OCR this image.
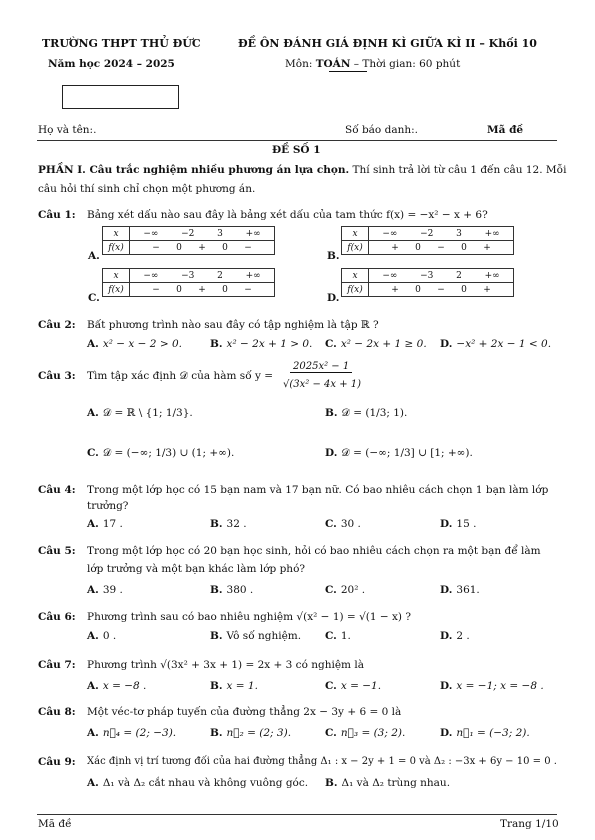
TRƯỜNG THPT THỦ ĐỨC
Năm học 2024 – 2025
ĐỀ ÔN ĐÁNH GIÁ ĐỊNH KÌ GIỮA KÌ II – Khối 10
Môn: TOÁN – Thời gian: 60 phút
Họ và tên:.	Số báo danh:.	Mã đề
ĐỀ SỐ 1
PHẦN I. Câu trắc nghiệm nhiều phương án lựa chọn. Thí sinh trả lời từ câu 1 đến câu 12. Mỗi
câu hỏi thí sinh chỉ chọn một phương án.
Câu 1: Bảng xét dấu nào sau đây là bảng xét dấu của tam thức f(x) = −x² − x + 6?
A.
x	−∞ −2 3 +∞

f(x)	− 0 + 0 −
B.
x	−∞ −2 3 +∞

f(x)	+ 0 − 0 +
C.
x	−∞ −3 2 +∞

f(x)	− 0 + 0 −
D.
x	−∞ −3 2 +∞

f(x)	+ 0 − 0 +
Câu 2: Bất phương trình nào sau đây có tập nghiệm là tập ℝ ?
A. x² − x − 2 > 0.	B. x² − 2x + 1 > 0. C. x² − 2x + 1 ≥ 0. D. −x² + 2x − 1 < 0.
Câu 3: Tìm tập xác định 𝒟 của hàm số y =
2025x² − 1
√(3x² − 4x + 1)
A. 𝒟 = ℝ \ {1; 1/3}.	B. 𝒟 = (1/3; 1).
C. 𝒟 = (−∞; 1/3) ∪ (1; +∞).	D. 𝒟 = (−∞; 1/3] ∪ [1; +∞).
Câu 4: Trong một lớp học có 15 bạn nam và 17 bạn nữ. Có bao nhiêu cách chọn 1 bạn làm lớp
trưởng?
A. 17 .	B. 32 .	C. 30 .	D. 15 .
Câu 5: Trong một lớp học có 20 bạn học sinh, hỏi có bao nhiêu cách chọn ra một bạn để làm
lớp trưởng và một bạn khác làm lớp phó?
A. 39 .	B. 380 .	C. 20² .	D. 361.
Câu 6: Phương trình sau có bao nhiêu nghiệm √(x² − 1) = √(1 − x) ?
A. 0 .	B. Vô số nghiệm. C. 1.	D. 2 .
Câu 7: Phương trình √(3x² + 3x + 1) = 2x + 3 có nghiệm là
A. x = −8 .	B. x = 1.	C. x = −1.	D. x = −1; x = −8 .
Câu 8: Một véc-tơ pháp tuyến của đường thẳng 2x − 3y + 6 = 0 là
A. n⃗₄ = (2; −3).	B. n⃗₂ = (2; 3).	C. n⃗₃ = (3; 2).	D. n⃗₁ = (−3; 2).
Câu 9: Xác định vị trí tương đối của hai đường thẳng Δ₁ : x − 2y + 1 = 0 và Δ₂ : −3x + 6y − 10 = 0 .
A. Δ₁ và Δ₂ cắt nhau và không vuông góc. B. Δ₁ và Δ₂ trùng nhau.
Mã đề	Trang 1/10
